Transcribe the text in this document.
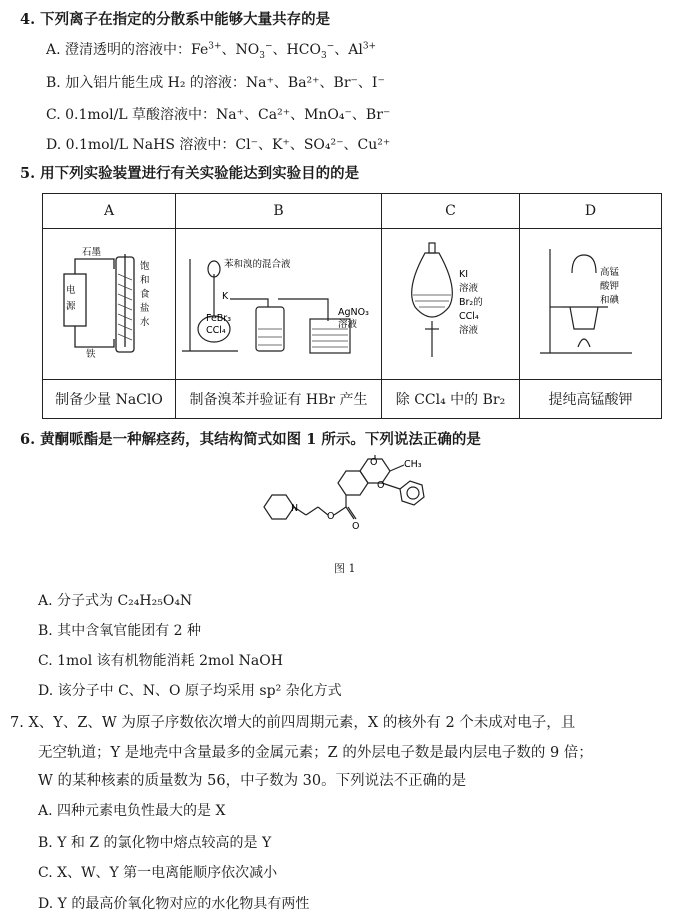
4. 下列离子在指定的分散系中能够大量共存的是
A. 澄清透明的溶液中：$Fe^{3+}$、$NO_3^-$、$HCO_3^-$、$Al^{3+}$
B. 加入铝片能生成 H₂ 的溶液：Na⁺、Ba²⁺、Br⁻、I⁻
C. 0.1mol/L 草酸溶液中：Na⁺、Ca²⁺、MnO₄⁻、Br⁻
D. 0.1mol/L NaHS 溶液中：Cl⁻、K⁺、SO₄²⁻、Cu²⁺
5. 用下列实验装置进行有关实验能达到实验目的的是
A	B	C	D

制备少量 NaClO	制备溴苯并验证有 HBr 产生	除 CCl₄ 中的 Br₂	提纯高锰酸钾
石墨
电
源
铁
饱
和
食
盐
水
苯和溴的混合液
K
FeBr₃
CCl₄
AgNO₃
溶液
KI
溶液
Br₂的
CCl₄
溶液
高锰
酸钾
和碘
6. 黄酮哌酯是一种解痉药，其结构简式如图 1 所示。下列说法正确的是
O
O
O
O
N
CH₃
图 1
A. 分子式为 C₂₄H₂₅O₄N
B. 其中含氧官能团有 2 种
C. 1mol 该有机物能消耗 2mol NaOH
D. 该分子中 C、N、O 原子均采用 sp² 杂化方式
7. X、Y、Z、W 为原子序数依次增大的前四周期元素，X 的核外有 2 个未成对电子，且
无空轨道；Y 是地壳中含量最多的金属元素；Z 的外层电子数是最内层电子数的 9 倍；
W 的某种核素的质量数为 56，中子数为 30。下列说法不正确的是
A. 四种元素电负性最大的是 X
B. Y 和 Z 的氯化物中熔点较高的是 Y
C. X、W、Y 第一电离能顺序依次减小
D. Y 的最高价氧化物对应的水化物具有两性
